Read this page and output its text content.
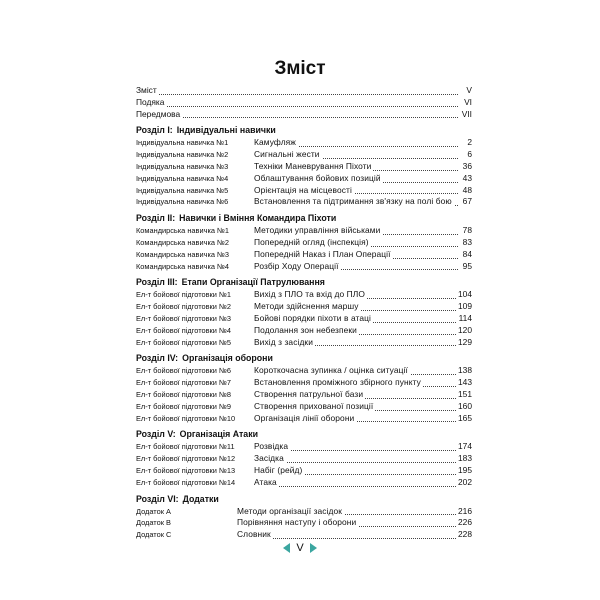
Зміст
Зміст	V
Подяка	VI
Передмова	VII
Розділ I: Індивідуальні навички
Індивідуальна навичка №1	Камуфляж	2
Індивідуальна навичка №2	Сигнальні жести	6
Індивідуальна навичка №3	Техніки Маневрування Піхоти	36
Індивідуальна навичка №4	Облаштування бойових позицій	43
Індивідуальна навичка №5	Орієнтація на місцевості	48
Індивідуальна навичка №6	Встановлення та підтримання зв'язку на полі бою 67
Розділ II: Навички і Вміння Командира Піхоти
Командирська навичка №1	Методики управління військами	78
Командирська навичка №2	Попередній огляд (інспекція)	83
Командирська навичка №3	Попередній Наказ і План Операції	84
Командирська навичка №4	Розбір Ходу Операції	95
Розділ III: Етапи Організації Патрулювання
Ел-т бойової підготовки №1	Вихід з ПЛО та вхід до ПЛО	104
Ел-т бойової підготовки №2	Методи здійснення маршу	109
Ел-т бойової підготовки №3	Бойові порядки піхоти в атаці	114
Ел-т бойової підготовки №4	Подолання зон небезпеки	120
Ел-т бойової підготовки №5	Вихід з засідки	129
Розділ IV: Організація оборони
Ел-т бойової підготовки №6	Короткочасна зупинка / оцінка ситуації	138
Ел-т бойової підготовки №7	Встановлення проміжного збірного пункту	143
Ел-т бойової підготовки №8	Створення патрульної бази	151
Ел-т бойової підготовки №9	Створення прихованої позиції	160
Ел-т бойової підготовки №10 Організація лінії оборони	165
Розділ V: Організація Атаки
Ел-т бойової підготовки №11 Розвідка	174
Ел-т бойової підготовки №12 Засідка	183
Ел-т бойової підготовки №13 Набіг (рейд)	195
Ел-т бойової підготовки №14 Атака	202
Розділ VI: Додатки
Додаток А	Методи організації засідок	216
Додаток В	Порівняння наступу і оборони	226
Додаток С	Словник	228
V
